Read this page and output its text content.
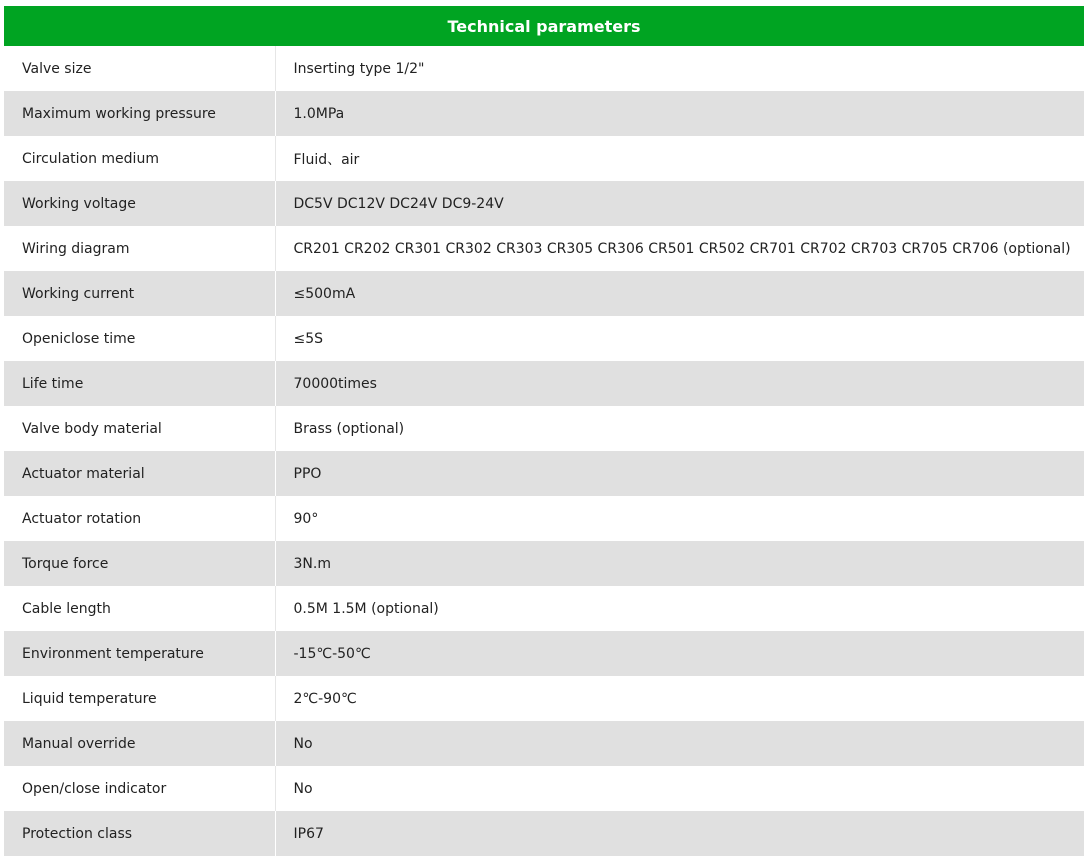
Technical parameters
Valve size	Inserting type 1/2"
Maximum working pressure	1.0MPa
Circulation medium	Fluid、air
Working voltage	DC5V DC12V DC24V DC9-24V
Wiring diagram	CR201 CR202 CR301 CR302 CR303 CR305 CR306 CR501 CR502 CR701 CR702 CR703 CR705 CR706 (optional)
Working current	≤500mA
Openiclose time	≤5S
Life time	70000times
Valve body material	Brass (optional)
Actuator material	PPO
Actuator rotation	90°
Torque force	3N.m
Cable length	0.5M 1.5M (optional)
Environment temperature	-15℃-50℃
Liquid temperature	2℃-90℃
Manual override	No
Open/close indicator	No
Protection class	IP67
